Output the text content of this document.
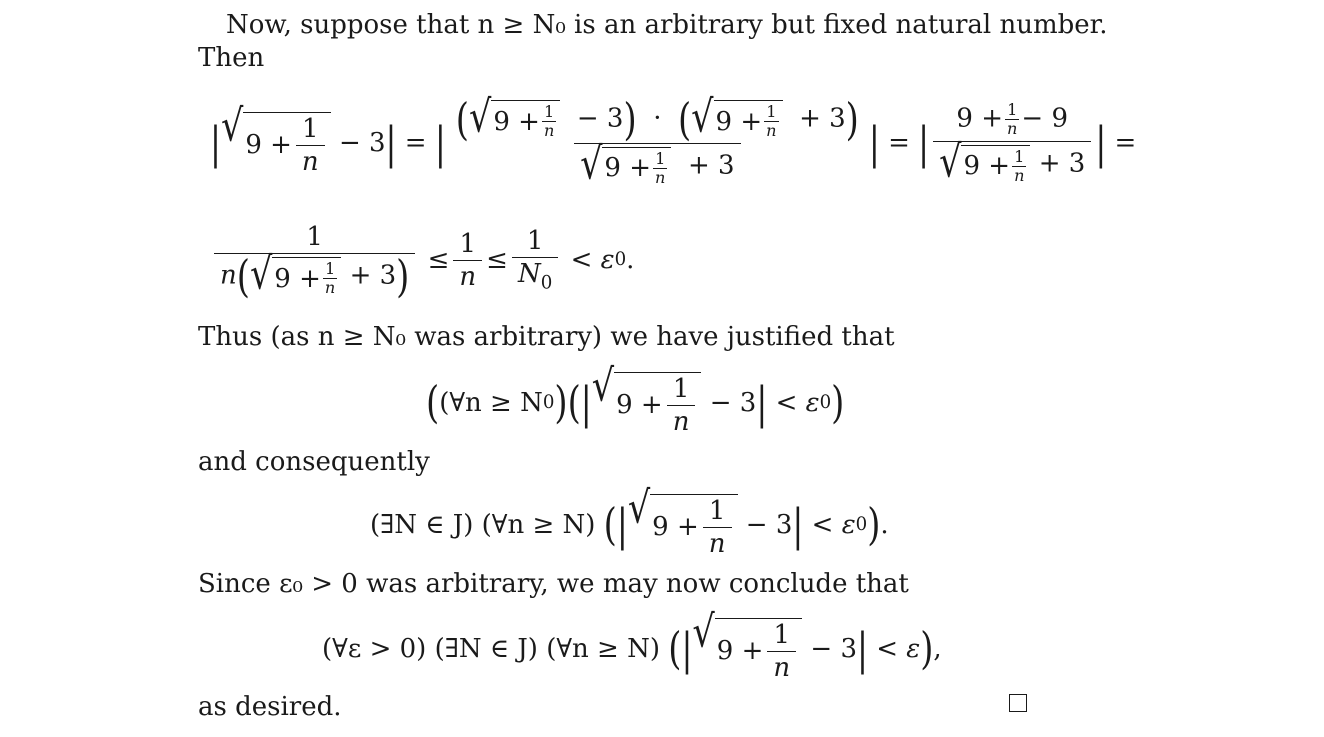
Now, suppose that n ≥ N₀ is an arbitrary but fixed natural number.
Then
| √ 9
+ $\frac{1}{n}$
−
3 |
=
| ( √ 9
+ $\frac{1}{n} - 3$) · ( √ 9
+ $\frac{1}{n} + 3$)
√ 9
+ $\frac{1}{n} + 3$ |
=
| $9 + \frac{1}{n} - 9$
√ 9
+ $\frac{1}{n} + 3$ |
=
1
n( √ 9
+ $\frac{1}{n} + 3$)
≤ $\frac{1}{n} \le \frac{1}{N_0}$
<
ε 0 .
Thus (as n ≥ N₀ was arbitrary) we have justified that
( (∀n ≥ N 0 ) ( | √ 9
+ $\frac{1}{n}$
−
3 |
<
ε 0 )
and consequently
(∃N ∈ J)
(∀n ≥ N)
( | √ 9
+ $\frac{1}{n}$
−
3 |
<
ε 0 ) .
Since ε₀ > 0 was arbitrary, we may now conclude that
(∀ε > 0)
(∃N ∈ J)
(∀n ≥ N)
( | √ 9
+ $\frac{1}{n}$
−
3 |
<
ε ) ,
as desired.
